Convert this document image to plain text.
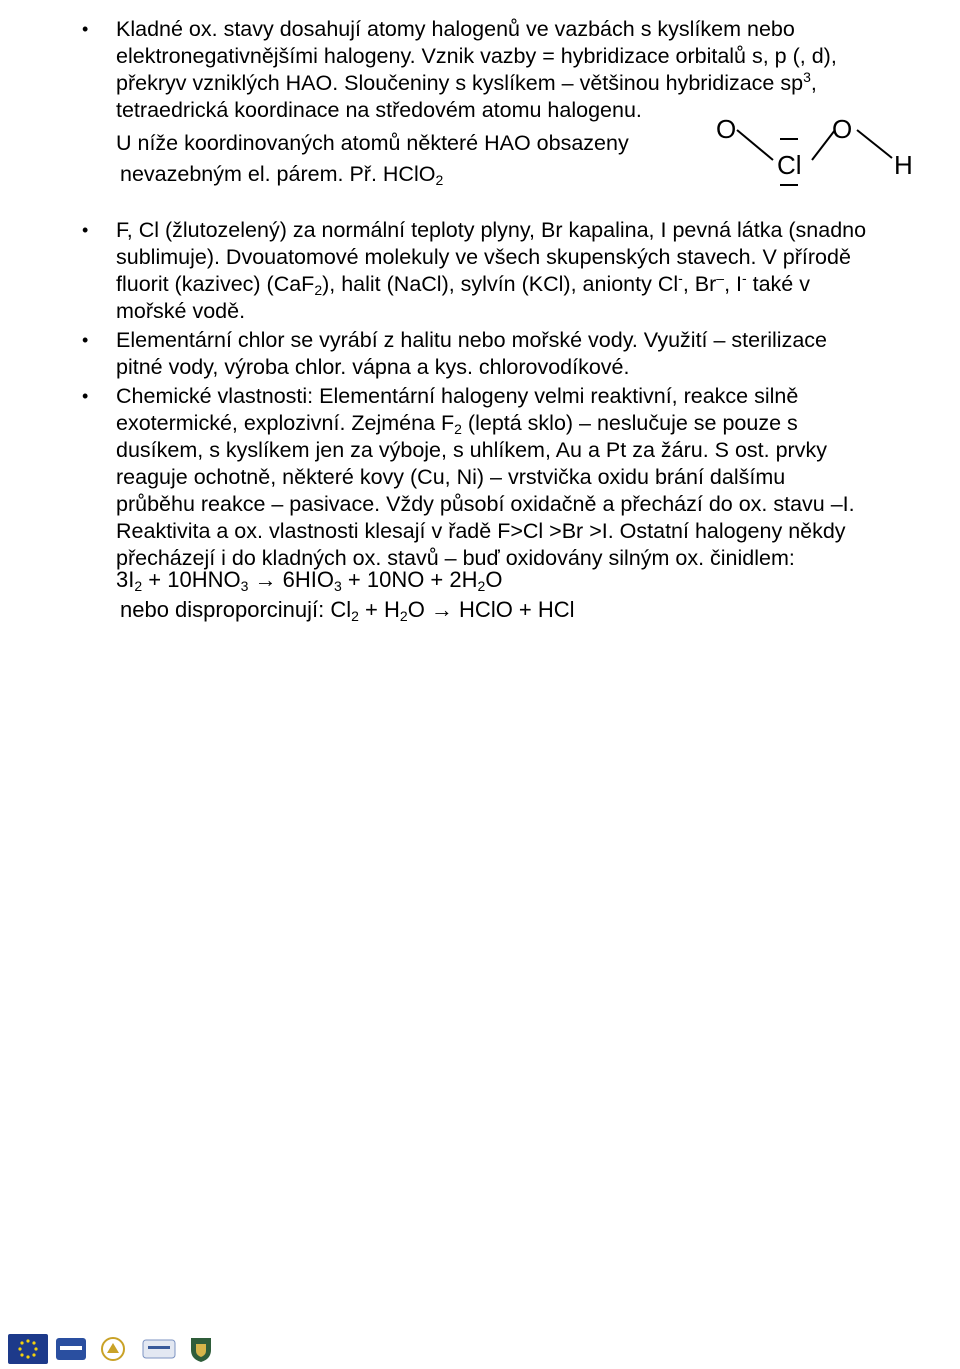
• Kladné ox. stavy dosahují atomy halogenů ve vazbách s kyslíkem nebo
elektronegativnějšími halogeny. Vznik vazby = hybridizace orbitalů s, p (, d),
překryv vzniklých HAO. Sloučeniny s kyslíkem – většinou hybridizace $sp^3$,
tetraedrická koordinace na středovém atomu halogenu.
U níže koordinovaných atomů některé HAO obsazeny
nevazebným el. párem. Př. HClO$_2$
O	O
Cl	H
• F, Cl (žlutozelený) za normální teploty plyny, Br kapalina, I pevná látka (snadno
sublimuje). Dvouatomové molekuly ve všech skupenských stavech. V přírodě
fluorit (kazivec) (CaF$_2$), halit (NaCl), sylvín (KCl), anionty Cl-, Br–, I- také v
mořské vodě.
• Elementární chlor se vyrábí z halitu nebo mořské vody. Využití – sterilizace
pitné vody, výroba chlor. vápna a kys. chlorovodíkové.
• Chemické vlastnosti: Elementární halogeny velmi reaktivní, reakce silně
exotermické, explozivní. Zejména $F_2$ (leptá sklo) – neslučuje se pouze s
dusíkem, s kyslíkem jen za výboje, s uhlíkem, Au a Pt za žáru. S ost. prvky
reaguje ochotně, některé kovy (Cu, Ni) – vrstvička oxidu brání dalšímu
průběhu reakce – pasivace. Vždy působí oxidačně a přechází do ox. stavu –I.
Reaktivita a ox. vlastnosti klesají v řadě F>Cl >Br >I. Ostatní halogeny někdy
přecházejí i do kladných ox. stavů – buď oxidovány silným ox. činidlem:
$3I_2 + 10HNO_3 \to 6HIO_3 + 10NO + 2H_2O$
nebo disproporcinují: $Cl_2 + H_2O$ → HClO + HCl
